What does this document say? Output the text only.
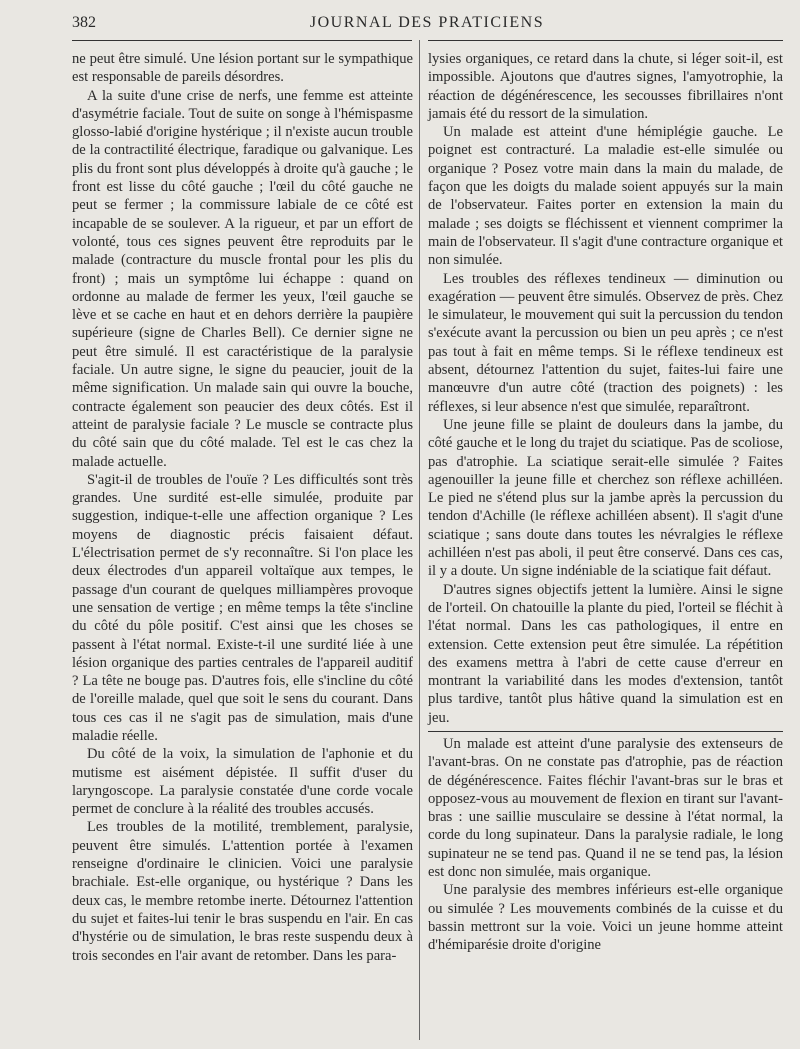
382	JOURNAL DES PRATICIENS

ne peut être simulé. Une lésion portant sur le sympathique est responsable de pareils désordres.

A la suite d'une crise de nerfs, une femme est atteinte d'asymétrie faciale. Tout de suite on songe à l'hémispasme glosso-labié d'origine hystérique ; il n'existe aucun trouble de la contractilité électrique, faradique ou galvanique. Les plis du front sont plus développés à droite qu'à gauche ; le front est lisse du côté gauche ; l'œil du côté gauche ne peut se fermer ; la commissure labiale de ce côté est incapable de se soulever. A la rigueur, et par un effort de volonté, tous ces signes peuvent être reproduits par le malade (contracture du muscle frontal pour les plis du front) ; mais un symptôme lui échappe : quand on ordonne au malade de fermer les yeux, l'œil gauche se lève et se cache en haut et en dehors derrière la paupière supérieure (signe de Charles Bell). Ce dernier signe ne peut être simulé. Il est caractéristique de la paralysie faciale. Un autre signe, le signe du peaucier, jouit de la même signification. Un malade sain qui ouvre la bouche, contracte également son peaucier des deux côtés. Est il atteint de paralysie faciale ? Le muscle se contracte plus du côté sain que du côté malade. Tel est le cas chez la malade actuelle.

S'agit-il de troubles de l'ouïe ? Les difficultés sont très grandes. Une surdité est-elle simulée, produite par suggestion, indique-t-elle une affection organique ? Les moyens de diagnostic précis faisaient défaut. L'électrisation permet de s'y reconnaître. Si l'on place les deux électrodes d'un appareil voltaïque aux tempes, le passage d'un courant de quelques milliampères provoque une sensation de vertige ; en même temps la tête s'incline du côté du pôle positif. C'est ainsi que les choses se passent à l'état normal. Existe-t-il une surdité liée à une lésion organique des parties centrales de l'appareil auditif ? La tête ne bouge pas. D'autres fois, elle s'incline du côté de l'oreille malade, quel que soit le sens du courant. Dans tous ces cas il ne s'agit pas de simulation, mais d'une maladie réelle.

Du côté de la voix, la simulation de l'aphonie et du mutisme est aisément dépistée. Il suffit d'user du laryngoscope. La paralysie constatée d'une corde vocale permet de conclure à la réalité des troubles accusés.

Les troubles de la motilité, tremblement, paralysie, peuvent être simulés. L'attention portée à l'examen renseigne d'ordinaire le clinicien. Voici une paralysie brachiale. Est-elle organique, ou hystérique ? Dans les deux cas, le membre retombe inerte. Détournez l'attention du sujet et faites-lui tenir le bras suspendu en l'air. En cas d'hystérie ou de simulation, le bras reste suspendu deux à trois secondes en l'air avant de retomber. Dans les para-

lysies organiques, ce retard dans la chute, si léger soit-il, est impossible. Ajoutons que d'autres signes, l'amyotrophie, la réaction de dégénérescence, les secousses fibrillaires n'ont jamais été du ressort de la simulation.

Un malade est atteint d'une hémiplégie gauche. Le poignet est contracturé. La maladie est-elle simulée ou organique ? Posez votre main dans la main du malade, de façon que les doigts du malade soient appuyés sur la main de l'observateur. Faites porter en extension la main du malade ; ses doigts se fléchissent et viennent comprimer la main de l'observateur. Il s'agit d'une contracture organique et non simulée.

Les troubles des réflexes tendineux — diminution ou exagération — peuvent être simulés. Observez de près. Chez le simulateur, le mouvement qui suit la percussion du tendon s'exécute avant la percussion ou bien un peu après ; ce n'est pas tout à fait en même temps. Si le réflexe tendineux est absent, détournez l'attention du sujet, faites-lui faire une manœuvre d'un autre côté (traction des poignets) : les réflexes, si leur absence n'est que simulée, reparaîtront.

Une jeune fille se plaint de douleurs dans la jambe, du côté gauche et le long du trajet du sciatique. Pas de scoliose, pas d'atrophie. La sciatique serait-elle simulée ? Faites agenouiller la jeune fille et cherchez son réflexe achilléen. Le pied ne s'étend plus sur la jambe après la percussion du tendon d'Achille (le réflexe achilléen absent). Il s'agit d'une sciatique ; sans doute dans toutes les névralgies le réflexe achilléen n'est pas aboli, il peut être conservé. Dans ces cas, il y a doute. Un signe indéniable de la sciatique fait défaut.

D'autres signes objectifs jettent la lumière. Ainsi le signe de l'orteil. On chatouille la plante du pied, l'orteil se fléchit à l'état normal. Dans les cas pathologiques, il entre en extension. Cette extension peut être simulée. La répétition des examens mettra à l'abri de cette cause d'erreur en montrant la variabilité dans les modes d'extension, tantôt plus tardive, tantôt plus hâtive quand la simulation est en jeu.

Un malade est atteint d'une paralysie des extenseurs de l'avant-bras. On ne constate pas d'atrophie, pas de réaction de dégénérescence. Faites fléchir l'avant-bras sur le bras et opposez-vous au mouvement de flexion en tirant sur l'avant-bras : une saillie musculaire se dessine à l'état normal, la corde du long supinateur. Dans la paralysie radiale, le long supinateur ne se tend pas. Quand il ne se tend pas, la lésion est donc non simulée, mais organique.

Une paralysie des membres inférieurs est-elle organique ou simulée ? Les mouvements combinés de la cuisse et du bassin mettront sur la voie. Voici un jeune homme atteint d'hémiparésie droite d'origine
